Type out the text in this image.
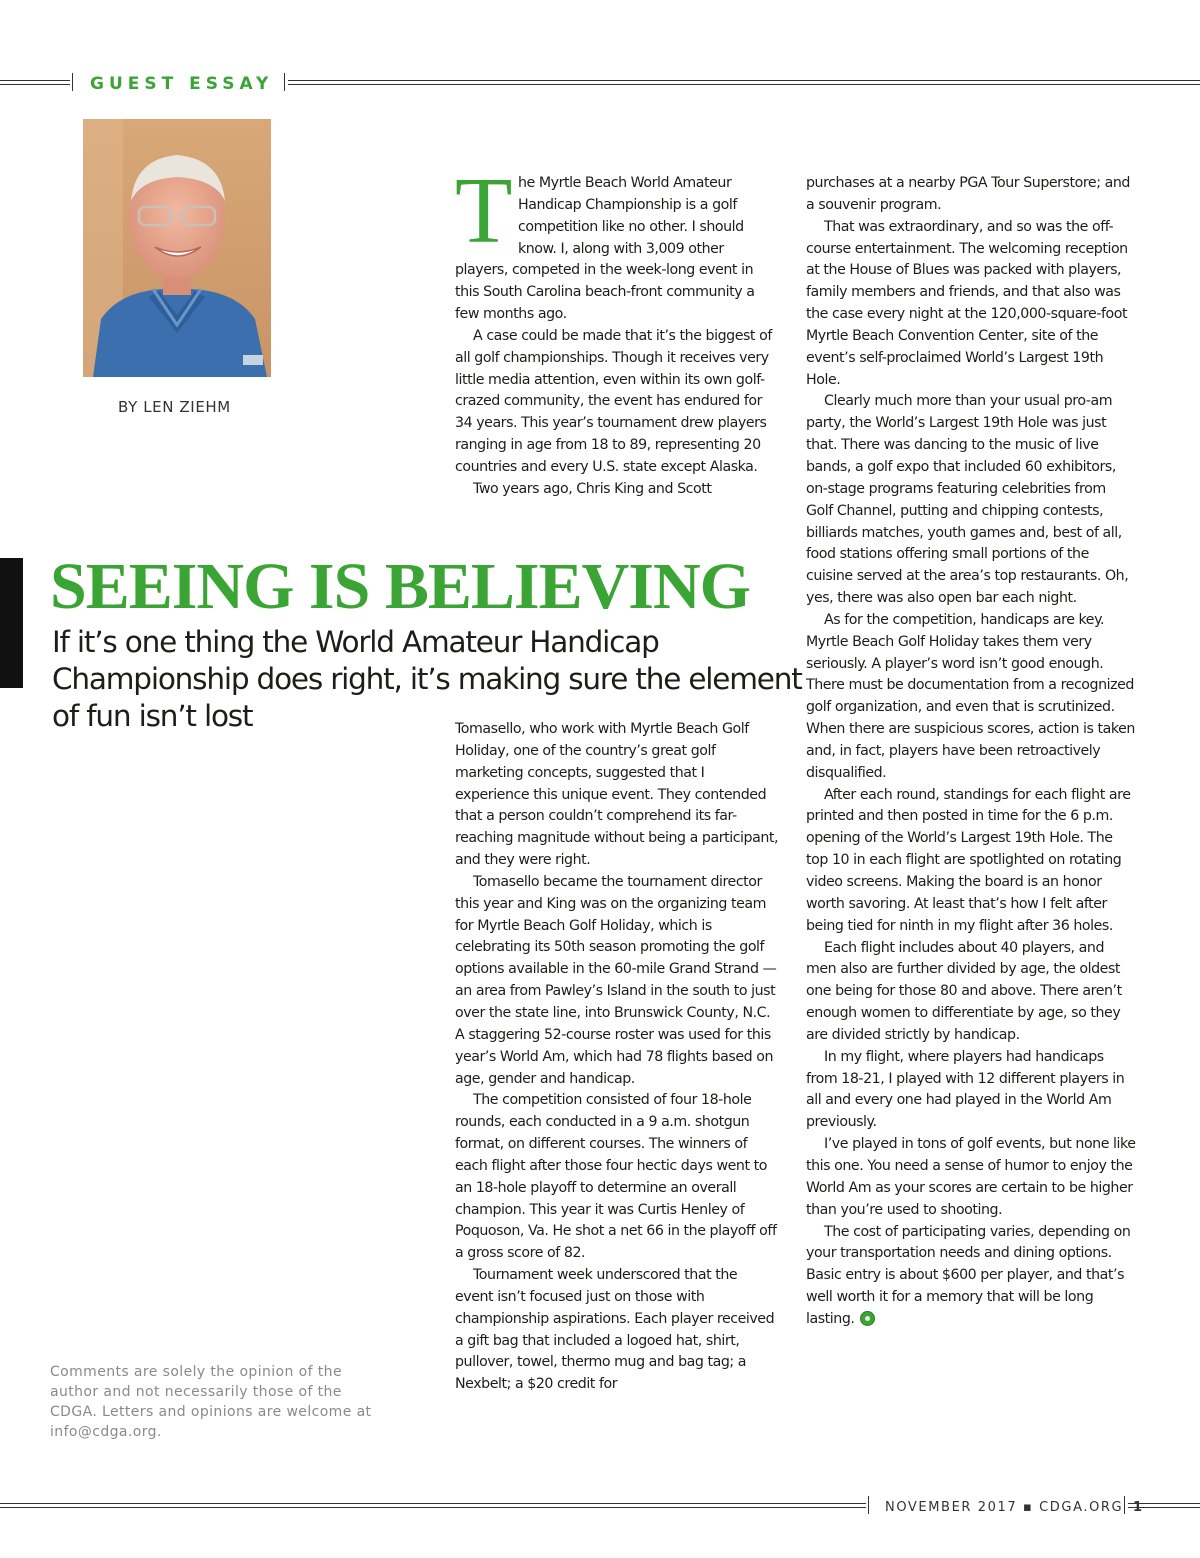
GUEST ESSAY
BY LEN ZIEHM
SEEING IS BELIEVING
If it’s one thing the World Amateur Handicap Championship does right, it’s making sure the element of fun isn’t lost
T he Myrtle Beach World Amateur Handicap Championship is a golf competition like no other. I should know. I, along with 3,009 other players, competed in the week-long event in this South Carolina beach-front community a few months ago.

A case could be made that it’s the biggest of all golf championships. Though it receives very little media attention, even within its own golf-crazed community, the event has endured for 34 years. This year’s tournament drew players ranging in age from 18 to 89, representing 20 countries and every U.S. state except Alaska.

Two years ago, Chris King and Scott

Tomasello, who work with Myrtle Beach Golf Holiday, one of the country’s great golf marketing concepts, suggested that I experience this unique event. They contended that a person couldn’t comprehend its far-reaching magnitude without being a participant, and they were right.

Tomasello became the tournament director this year and King was on the organizing team for Myrtle Beach Golf Holiday, which is celebrating its 50th season promoting the golf options available in the 60-mile Grand Strand — an area from Pawley’s Island in the south to just over the state line, into Brunswick County, N.C.

A staggering 52-course roster was used for this year’s World Am, which had 78 flights based on age, gender and handicap.

The competition consisted of four 18-hole rounds, each conducted in a 9 a.m. shotgun format, on different courses. The winners of each flight after those four hectic days went to an 18-hole playoff to determine an overall champion. This year it was Curtis Henley of Poquoson, Va. He shot a net 66 in the playoff off a gross score of 82.

Tournament week underscored that the event isn’t focused just on those with championship aspirations. Each player received a gift bag that included a logoed hat, shirt, pullover, towel, thermo mug and bag tag; a Nexbelt; a $20 credit for

purchases at a nearby PGA Tour Superstore; and a souvenir program.

That was extraordinary, and so was the off-course entertainment. The welcoming reception at the House of Blues was packed with players, family members and friends, and that also was the case every night at the 120,000-square-foot Myrtle Beach Convention Center, site of the event’s self-proclaimed World’s Largest 19th Hole.

Clearly much more than your usual pro-am party, the World’s Largest 19th Hole was just that. There was dancing to the music of live bands, a golf expo that included 60 exhibitors, on-stage programs featuring celebrities from Golf Channel, putting and chipping contests, billiards matches, youth games and, best of all, food stations offering small portions of the cuisine served at the area’s top restaurants. Oh, yes, there was also open bar each night.

As for the competition, handicaps are key. Myrtle Beach Golf Holiday takes them very seriously. A player’s word isn’t good enough. There must be documentation from a recognized golf organization, and even that is scrutinized. When there are suspicious scores, action is taken and, in fact, players have been retroactively disqualified.

After each round, standings for each flight are printed and then posted in time for the 6 p.m. opening of the World’s Largest 19th Hole. The top 10 in each flight are spotlighted on rotating video screens. Making the board is an honor worth savoring. At least that’s how I felt after being tied for ninth in my flight after 36 holes.

Each flight includes about 40 players, and men also are further divided by age, the oldest one being for those 80 and above. There aren’t enough women to differentiate by age, so they are divided strictly by handicap.

In my flight, where players had handicaps from 18-21, I played with 12 different players in all and every one had played in the World Am previously.

I’ve played in tons of golf events, but none like this one. You need a sense of humor to enjoy the World Am as your scores are certain to be higher than you’re used to shooting.

The cost of participating varies, depending on your transportation needs and dining options. Basic entry is about $600 per player, and that’s well worth it for a memory that will be long lasting.

Comments are solely the opinion of the author and not necessarily those of the CDGA. Letters and opinions are welcome at info@cdga.org.
NOVEMBER 2017 ▪ CDGA.ORG 1
